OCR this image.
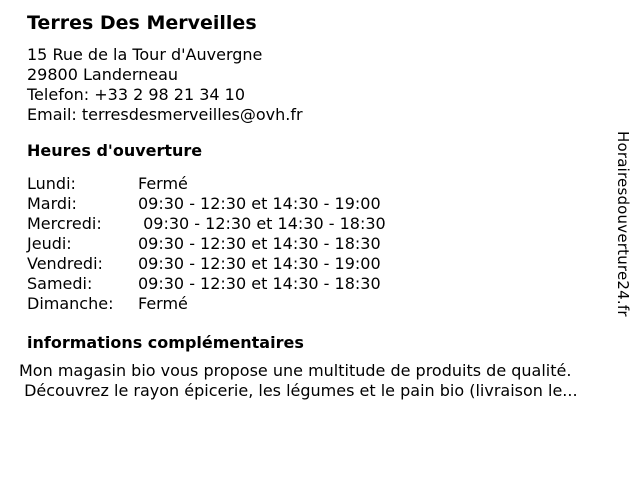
Terres Des Merveilles
15 Rue de la Tour d'Auvergne
29800 Landerneau
Telefon: +33 2 98 21 34 10
Email: terresdesmerveilles@ovh.fr
Heures d'ouverture
Lundi:	Fermé
Mardi:	09:30 - 12:30 et 14:30 - 19:00
Mercredi: 09:30 - 12:30 et 14:30 - 18:30
Jeudi:	09:30 - 12:30 et 14:30 - 18:30
Vendredi: 09:30 - 12:30 et 14:30 - 19:00
Samedi:	09:30 - 12:30 et 14:30 - 18:30
Dimanche: Fermé
informations complémentaires
Mon magasin bio vous propose une multitude de produits de qualité.
Découvrez le rayon épicerie, les légumes et le pain bio (livraison le...
Horairesdouverture24.fr
